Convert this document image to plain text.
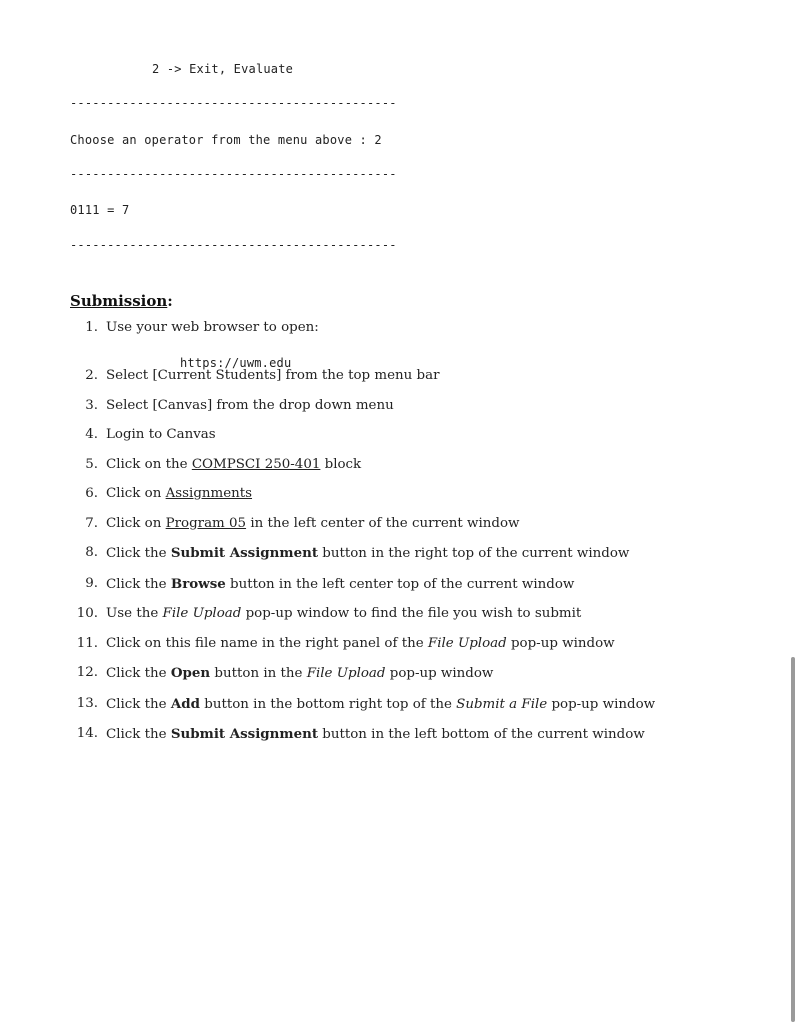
2 -> Exit, Evaluate
--------------------------------------------
Choose an operator from the menu above : 2
--------------------------------------------
0111 = 7
--------------------------------------------
Submission:
1. Use your web browser to open:
2. Select [Current Students] from the top menu bar
3. Select [Canvas] from the drop down menu
4. Login to Canvas
5. Click on the COMPSCI 250-401 block
6. Click on Assignments
7. Click on Program 05 in the left center of the current window
8. Click the Submit Assignment button in the right top of the current window
9. Click the Browse button in the left center top of the current window
10. Use the File Upload pop-up window to find the file you wish to submit
11. Click on this file name in the right panel of the File Upload pop-up window
12. Click the Open button in the File Upload pop-up window
13. Click the Add button in the bottom right top of the Submit a File pop-up window
14. Click the Submit Assignment button in the left bottom of the current window
https://uwm.edu
